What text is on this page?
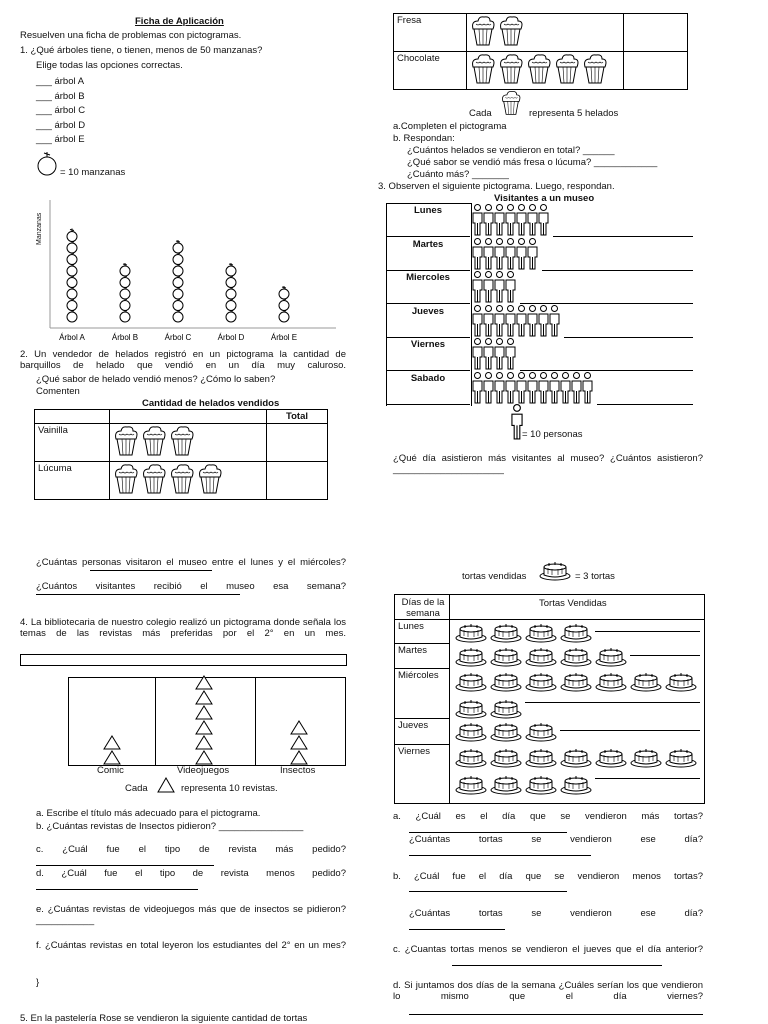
Ficha de Aplicación
Resuelven una ficha de problemas con pictogramas.
1. ¿Qué árboles tiene, o tienen, menos de 50 manzanas?
Elige todas las opciones correctas.
___ árbol A
___ árbol B
___ árbol C
___ árbol D
___ árbol E
= 10 manzanas
Manzanas
Árbol A	Árbol B	Árbol C	Árbol D	Árbol E
2. Un vendedor de helados registró en un pictograma la cantidad de barquillos de helado que vendió en un día muy caluroso.
¿Qué sabor de helado vendió menos? ¿Cómo lo saben?
Comenten
Cantidad de helados vendidos
		Total
Vainilla	

Lúcuma	

¿Cuántas personas visitaron el museo entre el lunes y el miércoles?
¿Cuántos visitantes recibió el museo esa semana?
4. La bibliotecaria de nuestro colegio realizó un pictograma donde señala los temas de las revistas más preferidas por el 2° en un mes.
Comic	Videojuegos	Insectos
Cada	representa 10 revistas.
a. Escribe el título más adecuado para el pictograma.
b. ¿Cuántas revistas de Insectos pidieron? ________________
c. ¿Cuál fue el tipo de revista más pedido?
d. ¿Cuál fue el tipo de revista menos pedido?
e. ¿Cuántas revistas de videojuegos más que de insectos se pidieron? ___________
f. ¿Cuántas revistas en total leyeron los estudiantes del 2° en un mes?
}
5. En la pastelería Rose se vendieron la siguiente cantidad de tortas
Fresa	

Chocolate	

Cada	representa 5 helados
a.Completen el pictograma
b. Respondan:
¿Cuántos helados se vendieron en total? ______
¿Qué sabor se vendió más fresa o lúcuma? ____________
¿Cuánto más? _______
3. Observen el siguiente pictograma. Luego, respondan.
Visitantes a un museo
Lunes
Martes
Miercoles
Jueves
Viernes
Sabado
= 10 personas
¿Qué día asistieron más visitantes al museo? ¿Cuántos asistieron? _____________________
tortas vendidas	= 3 tortas
Días de la semana
Tortas Vendidas
Lunes
Martes
Miércoles
Jueves
Viernes
a. ¿Cuál es el día que se vendieron más tortas?
¿Cuántas tortas se vendieron ese día?
b. ¿Cuál fue el día que se vendieron menos tortas?
¿Cuántas tortas se vendieron ese día?
c. ¿Cuantas tortas menos se vendieron el jueves que el día anterior?
d. Si juntamos dos días de la semana ¿Cuáles serían los que vendieron lo mismo que el día viernes?
